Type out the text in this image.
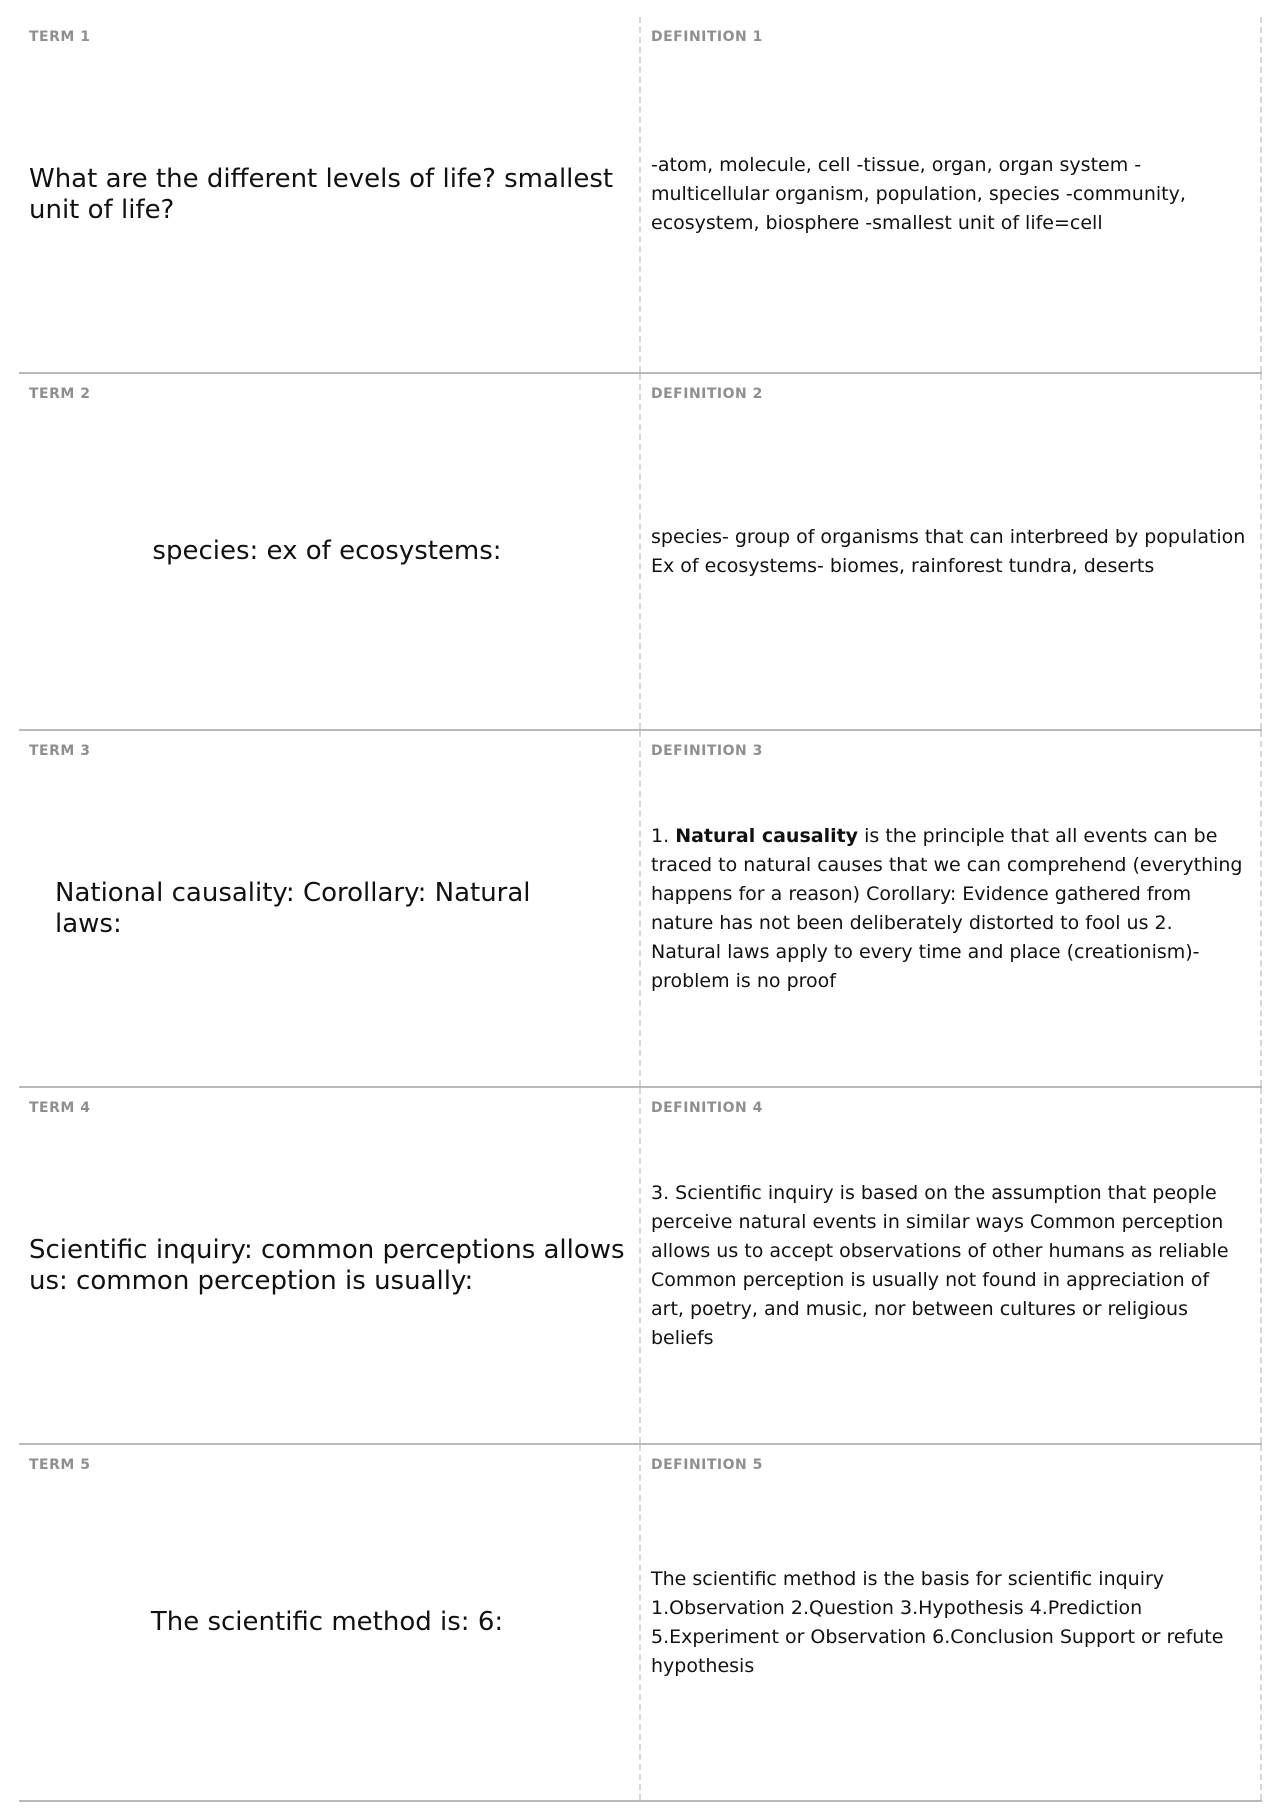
TERM 1
What are the different levels of life? smallest unit of life?
DEFINITION 1

-atom, molecule, cell -tissue, organ, organ system -multicellular organism, population, species -community, ecosystem, biosphere -smallest unit of life=cell

TERM 2
species: ex of ecosystems:
DEFINITION 2

species- group of organisms that can interbreed by population Ex of ecosystems- biomes, rainforest tundra, deserts

TERM 3
National causality: Corollary: Natural laws:
DEFINITION 3

1. Natural causality is the principle that all events can be traced to natural causes that we can comprehend (everything happens for a reason) Corollary: Evidence gathered from nature has not been deliberately distorted to fool us 2. Natural laws apply to every time and place (creationism)-problem is no proof

TERM 4
Scientific inquiry: common perceptions allows us: common perception is usually:
DEFINITION 4

3. Scientific inquiry is based on the assumption that people perceive natural events in similar ways Common perception allows us to accept observations of other humans as reliable Common perception is usually not found in appreciation of art, poetry, and music, nor between cultures or religious beliefs

TERM 5
The scientific method is: 6:
DEFINITION 5

The scientific method is the basis for scientific inquiry 1.Observation 2.Question 3.Hypothesis 4.Prediction 5.Experiment or Observation 6.Conclusion Support or refute hypothesis
